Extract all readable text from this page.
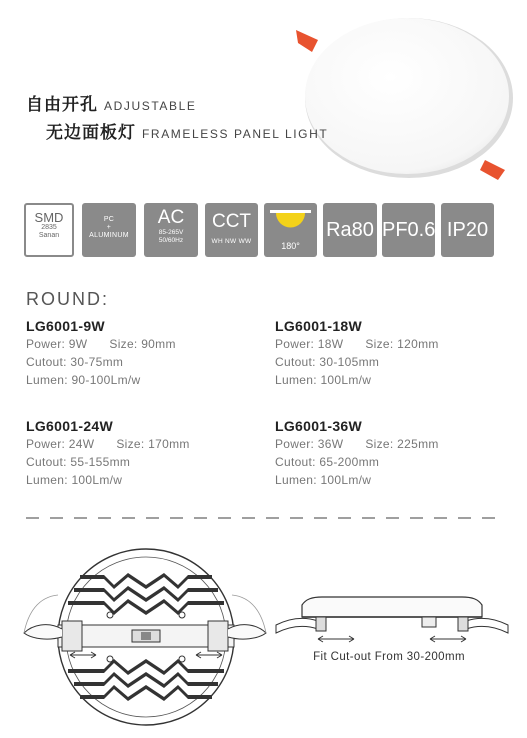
自由开孔 ADJUSTABLE
无边面板灯 FRAMELESS PANEL LIGHT
SMD
2835
Sanan
PC
+
ALUMINUM
AC
85-265V
50/60Hz
CCT
WH NW WW	180°
Ra80 PF0.6 IP20
ROUND:
LG6001-9W
Power: 9W Size: 90mm
Cutout: 30-75mm
Lumen: 90-100Lm/w
LG6001-18W
Power: 18W Size: 120mm
Cutout: 30-105mm
Lumen: 100Lm/w
LG6001-24W
Power: 24W Size: 170mm
Cutout: 55-155mm
Lumen: 100Lm/w
LG6001-36W
Power: 36W Size: 225mm
Cutout: 65-200mm
Lumen: 100Lm/w
Fit Cut-out From 30-200mm
